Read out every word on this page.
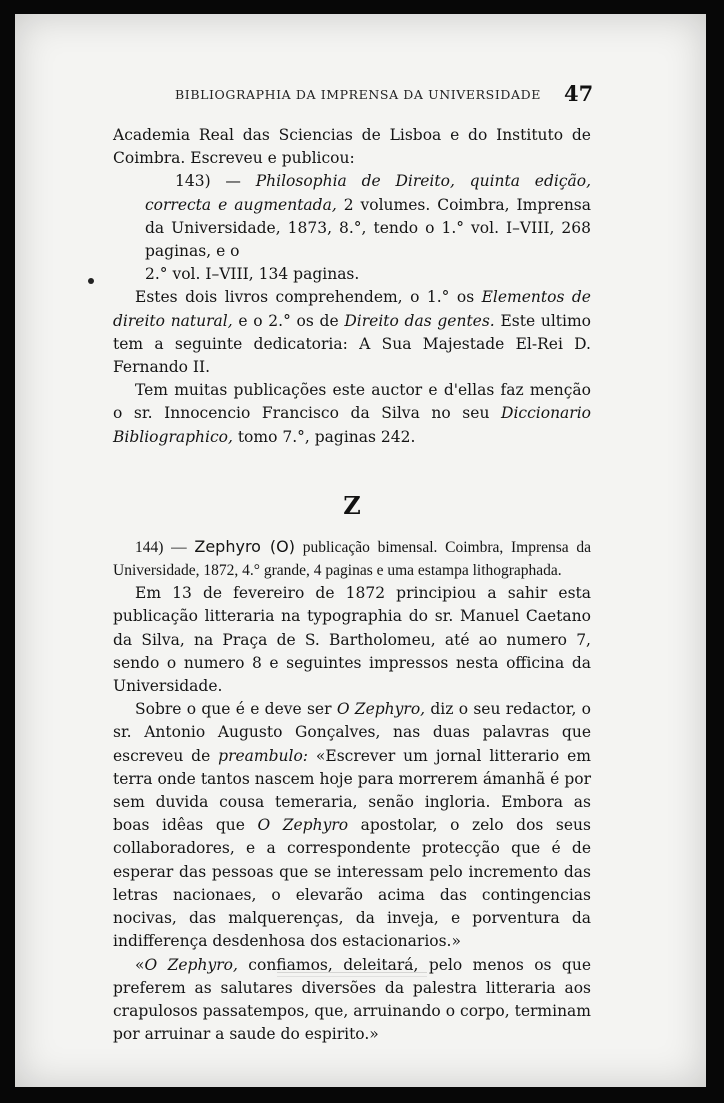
BIBLIOGRAPHIA DA IMPRENSA DA UNIVERSIDADE 47

Academia Real das Sciencias de Lisboa e do Instituto de Coimbra. Escreveu e publicou:

143) — Philosophia de Direito, quinta edição, correcta e augmentada, 2 volumes. Coimbra, Imprensa da Universidade, 1873, 8.°, tendo o 1.° vol. I–VIII, 268 paginas, e o

2.° vol. I–VIII, 134 paginas.

Estes dois livros comprehendem, o 1.° os Elementos de direito natural, e o 2.° os de Direito das gentes. Este ultimo tem a seguinte dedicatoria: A Sua Majestade El-Rei D. Fernando II.

Tem muitas publicações este auctor e d'ellas faz menção o sr. Innocencio Francisco da Silva no seu Diccionario Bibliographico, tomo 7.°, paginas 242.

Z

144) — Zephyro (O) publicação bimensal. Coimbra, Imprensa da Universidade, 1872, 4.° grande, 4 paginas e uma estampa lithographada.

Em 13 de fevereiro de 1872 principiou a sahir esta publicação litteraria na typographia do sr. Manuel Caetano da Silva, na Praça de S. Bartholomeu, até ao numero 7, sendo o numero 8 e seguintes impressos nesta officina da Universidade.

Sobre o que é e deve ser O Zephyro, diz o seu redactor, o sr. Antonio Augusto Gonçalves, nas duas palavras que escreveu de preambulo: «Escrever um jornal litterario em terra onde tantos nascem hoje para morrerem ámanhã é por sem duvida cousa temeraria, senão ingloria. Embora as boas idêas que O Zephyro apostolar, o zelo dos seus collaboradores, e a correspondente protecção que é de esperar das pessoas que se interessam pelo incremento das letras nacionaes, o elevarão acima das contingencias nocivas, das malquerenças, da inveja, e porventura da indifferença desdenhosa dos estacionarios.»

«O Zephyro, confiamos, deleitará, pelo menos os que preferem as salutares diversões da palestra litteraria aos crapulosos passatempos, que, arruinando o corpo, terminam por arruinar a saude do espirito.»
